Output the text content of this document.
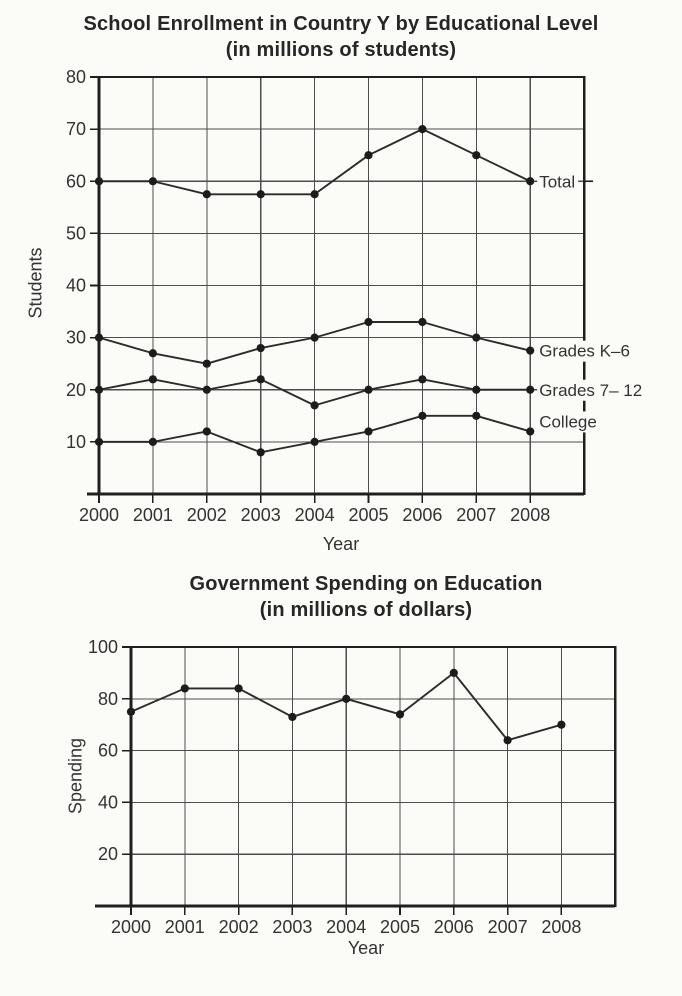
School Enrollment in Country Y by Educational Level
(in millions of students)
Students
Year
Government Spending on Education
(in millions of dollars)
Spending
Year
10
20
30
40
50
60
70
80
2000 2001 2002 2003 2004 2005 2006 2007 2008
Total
Grades K–6
Grades 7– 12
College
20
40
60
80
100
2000 2001 2002 2003 2004 2005 2006 2007 2008
